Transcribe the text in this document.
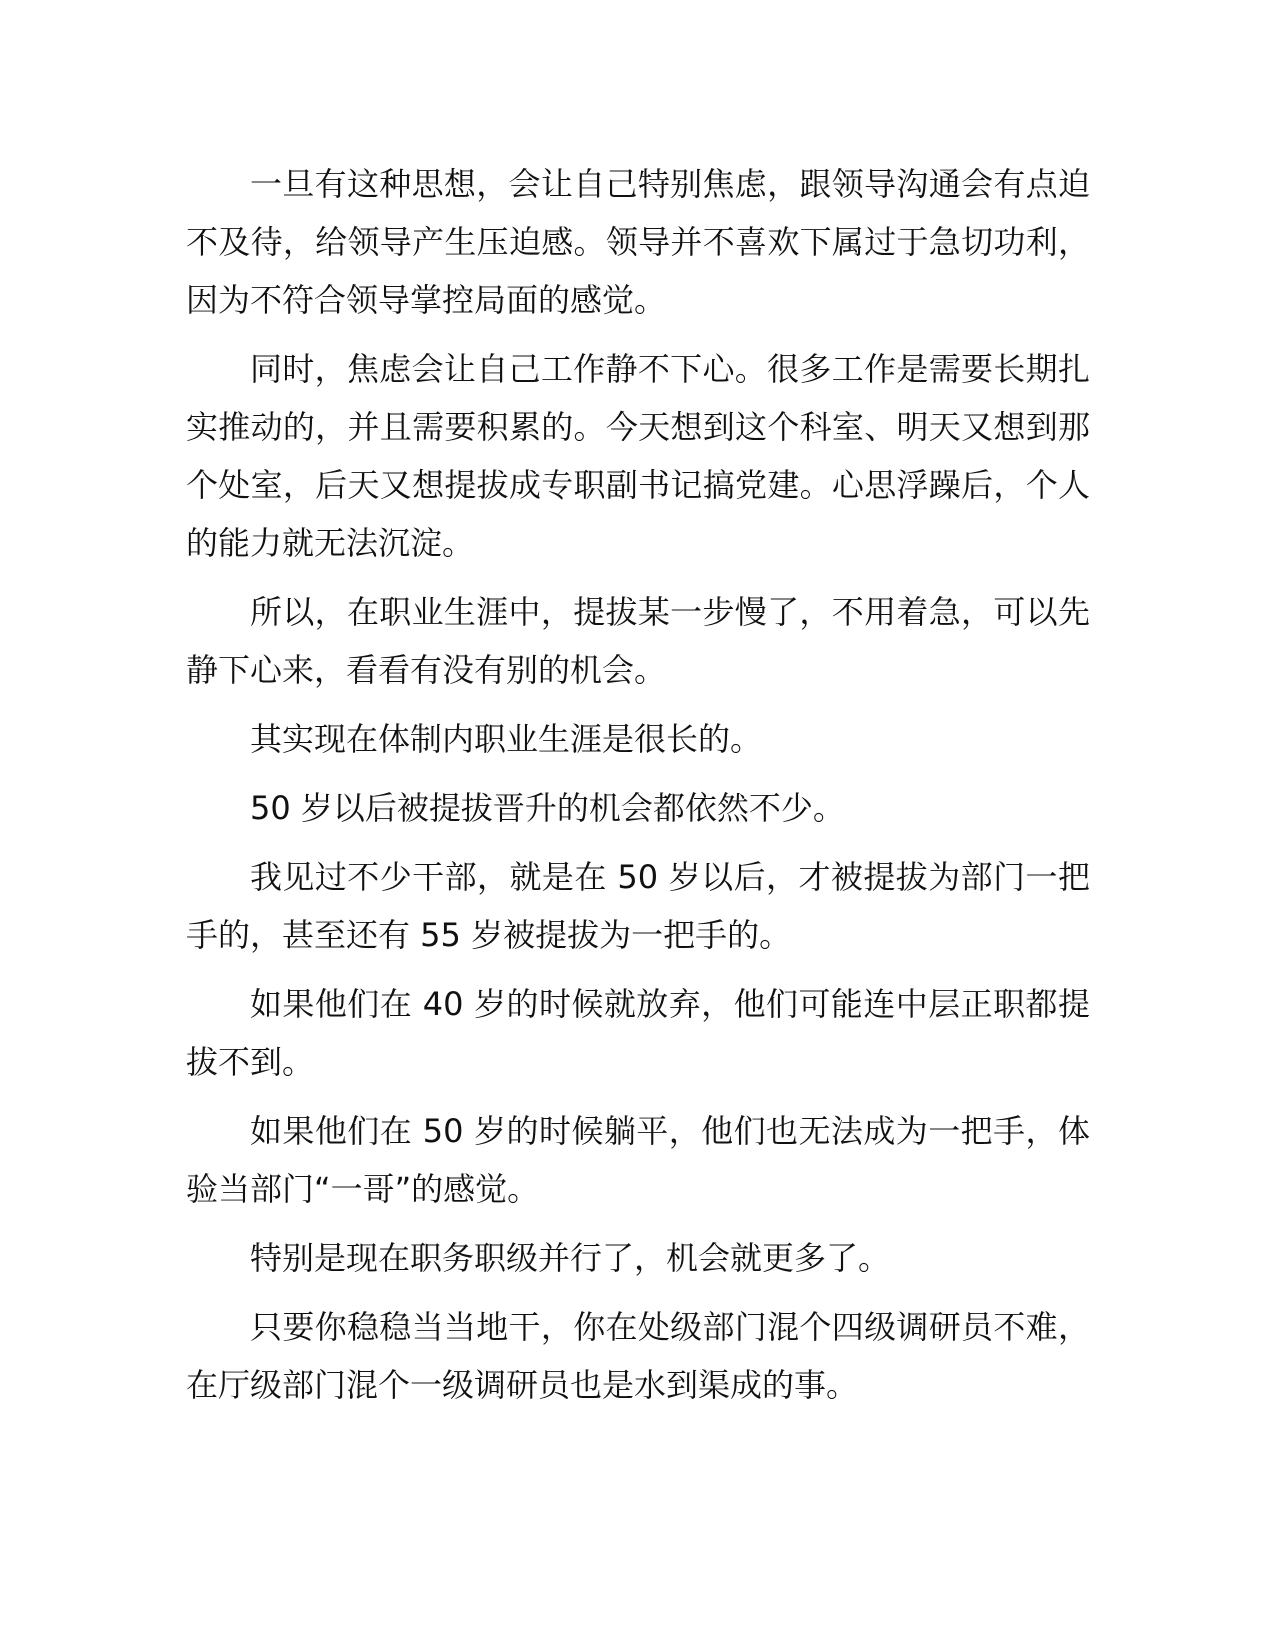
一旦有这种思想，会让自己特别焦虑，跟领导沟通会有点迫不及待，给领导产生压迫感。领导并不喜欢下属过于急切功利，因为不符合领导掌控局面的感觉。

同时，焦虑会让自己工作静不下心。很多工作是需要长期扎实推动的，并且需要积累的。今天想到这个科室、明天又想到那个处室，后天又想提拔成专职副书记搞党建。心思浮躁后，个人的能力就无法沉淀。

所以，在职业生涯中，提拔某一步慢了，不用着急，可以先静下心来，看看有没有别的机会。

其实现在体制内职业生涯是很长的。

50 岁以后被提拔晋升的机会都依然不少。

我见过不少干部，就是在 50 岁以后，才被提拔为部门一把手的，甚至还有 55 岁被提拔为一把手的。

如果他们在 40 岁的时候就放弃，他们可能连中层正职都提拔不到。

如果他们在 50 岁的时候躺平，他们也无法成为一把手，体验当部门“一哥”的感觉。

特别是现在职务职级并行了，机会就更多了。

只要你稳稳当当地干，你在处级部门混个四级调研员不难，在厅级部门混个一级调研员也是水到渠成的事。
